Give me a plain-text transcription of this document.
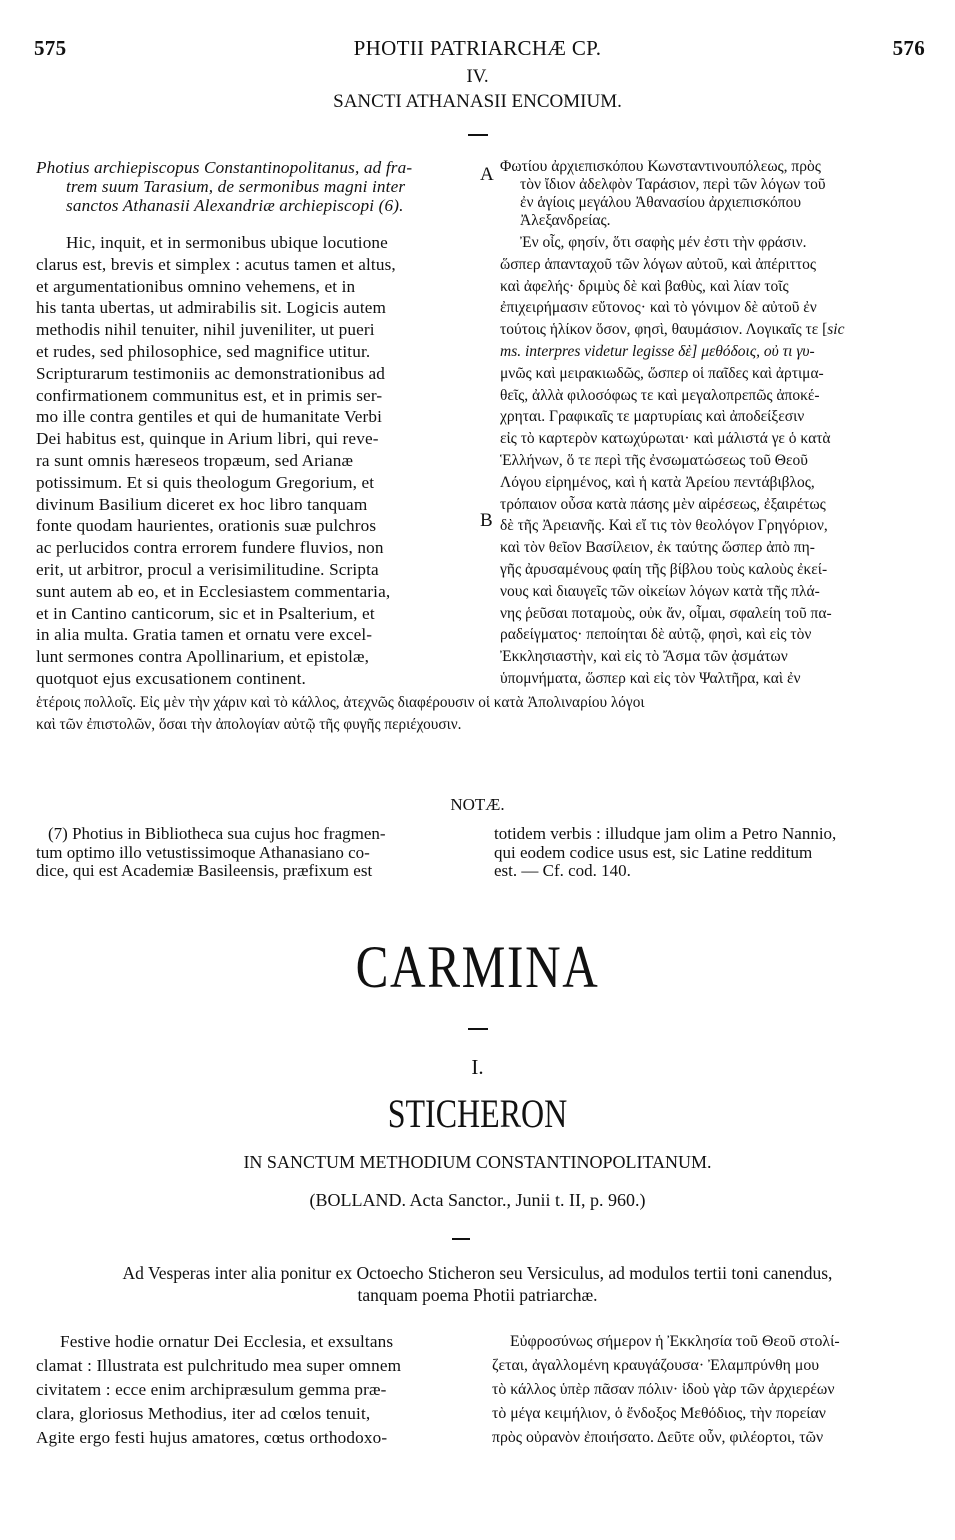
575	PHOTII PATRIARCHÆ CP.	576
IV.
SANCTI ATHANASII ENCOMIUM.
Photius archiepiscopus Constantinopolitanus, ad fra-
trem suum Tarasium, de sermonibus magni inter
sanctos Athanasii Alexandriæ archiepiscopi (6).
A Φωτίου ἀρχιεπισκόπου Κωνσταντινουπόλεως, πρὸς
τὸν ἴδιον ἀδελφὸν Ταράσιον, περὶ τῶν λόγων τοῦ
ἐν ἁγίοις μεγάλου Ἀθανασίου ἀρχιεπισκόπου
Ἀλεξανδρείας.
Hic, inquit, et in sermonibus ubique locutione
clarus est, brevis et simplex : acutus tamen et altus,
et argumentationibus omnino vehemens, et in
his tanta ubertas, ut admirabilis sit. Logicis autem
methodis nihil tenuiter, nihil juveniliter, ut pueri
et rudes, sed philosophice, sed magnifice utitur.
Scripturarum testimoniis ac demonstrationibus ad
confirmationem communitus est, et in primis ser-
mo ille contra gentiles et qui de humanitate Verbi
Dei habitus est, quinque in Arium libri, qui reve-
ra sunt omnis hæreseos tropæum, sed Arianæ
potissimum. Et si quis theologum Gregorium, et
divinum Basilium diceret ex hoc libro tanquam
fonte quodam haurientes, orationis suæ pulchros
ac perlucidos contra errorem fundere fluvios, non
erit, ut arbitror, procul a verisimilitudine. Scripta
sunt autem ab eo, et in Ecclesiastem commentaria,
et in Cantino canticorum, sic et in Psalterium, et
in alia multa. Gratia tamen et ornatu vere excel-
lunt sermones contra Apollinarium, et epistolæ,
quotquot ejus excusationem continent.
B
Ἐν οἷς, φησίν, ὅτι σαφὴς μέν ἐστι τὴν φράσιν.
ὥσπερ ἁπανταχοῦ τῶν λόγων αὐτοῦ, καὶ ἀπέριττος
καὶ ἀφελής· δριμὺς δὲ καὶ βαθὺς, καὶ λίαν τοῖς
ἐπιχειρήμασιν εὔτονος· καὶ τὸ γόνιμον δὲ αὐτοῦ ἐν
τούτοις ἡλίκον ὅσον, φησὶ, θαυμάσιον. Λογικαῖς τε [sic
ms. interpres videtur legisse δὲ] μεθόδοις, οὐ τι γυ-
μνῶς καὶ μειρακιωδῶς, ὥσπερ οἱ παῖδες καὶ ἀρτιμα-
θεῖς, ἀλλὰ φιλοσόφως τε καὶ μεγαλοπρεπῶς ἀποκέ-
χρηται. Γραφικαῖς τε μαρτυρίαις καὶ ἀποδείξεσιν
εἰς τὸ καρτερὸν κατωχύρωται· καὶ μάλιστά γε ὁ κατὰ
Ἑλλήνων, ὅ τε περὶ τῆς ἐνσωματώσεως τοῦ Θεοῦ
Λόγου εἰρημένος, καὶ ἡ κατὰ Ἀρείου πεντάβιβλος,
τρόπαιον οὖσα κατὰ πάσης μὲν αἱρέσεως, ἐξαιρέτως
δὲ τῆς Ἀρειανῆς. Καὶ εἴ τις τὸν θεολόγον Γρηγόριον,
καὶ τὸν θεῖον Βασίλειον, ἐκ ταύτης ὥσπερ ἀπὸ πη-
γῆς ἀρυσαμένους φαίη τῆς βίβλου τοὺς καλοὺς ἐκεί-
νους καὶ διαυγεῖς τῶν οἰκείων λόγων κατὰ τῆς πλά-
νης ῥεῦσαι ποταμοὺς, οὐκ ἄν, οἶμαι, σφαλείη τοῦ πα-
ραδείγματος· πεποίηται δὲ αὐτῷ, φησὶ, καὶ εἰς τὸν
Ἐκκλησιαστὴν, καὶ εἰς τὸ Ἄσμα τῶν ᾀσμάτων
ὑπομνήματα, ὥσπερ καὶ εἰς τὸν Ψαλτῆρα, καὶ ἐν
ἑτέροις πολλοῖς. Εἰς μὲν τὴν χάριν καὶ τὸ κάλλος, ἀτεχνῶς διαφέρουσιν οἱ κατὰ Ἀπολιναρίου λόγοι
καὶ τῶν ἐπιστολῶν, ὅσαι τὴν ἀπολογίαν αὐτῷ τῆς φυγῆς περιέχουσιν.
NOTÆ.
(7) Photius in Bibliotheca sua cujus hoc fragmen-
tum optimo illo vetustissimoque Athanasiano co-
dice, qui est Academiæ Basileensis, præfixum est
totidem verbis : illudque jam olim a Petro Nannio,
qui eodem codice usus est, sic Latine redditum
est. — Cf. cod. 140.
CARMINA
I.
STICHERON
IN SANCTUM METHODIUM CONSTANTINOPOLITANUM.
(BOLLAND. Acta Sanctor., Junii t. II, p. 960.)
Ad Vesperas inter alia ponitur ex Octoecho Sticheron seu Versiculus, ad modulos tertii toni canendus,
tanquam poema Photii patriarchæ.
Festive hodie ornatur Dei Ecclesia, et exsultans
clamat : Illustrata est pulchritudo mea super omnem
civitatem : ecce enim archipræsulum gemma præ-
clara, gloriosus Methodius, iter ad cœlos tenuit,
Agite ergo festi hujus amatores, cœtus orthodoxo-
Εὐφροσύνως σήμερον ἡ Ἐκκλησία τοῦ Θεοῦ στολί-
ζεται, ἀγαλλομένη κραυγάζουσα· Ἐλαμπρύνθη μου
τὸ κάλλος ὑπὲρ πᾶσαν πόλιν· ἰδοὺ γὰρ τῶν ἀρχιερέων
τὸ μέγα κειμήλιον, ὁ ἔνδοξος Μεθόδιος, τὴν πορείαν
πρὸς οὐρανὸν ἐποιήσατο. Δεῦτε οὖν, φιλέορτοι, τῶν
